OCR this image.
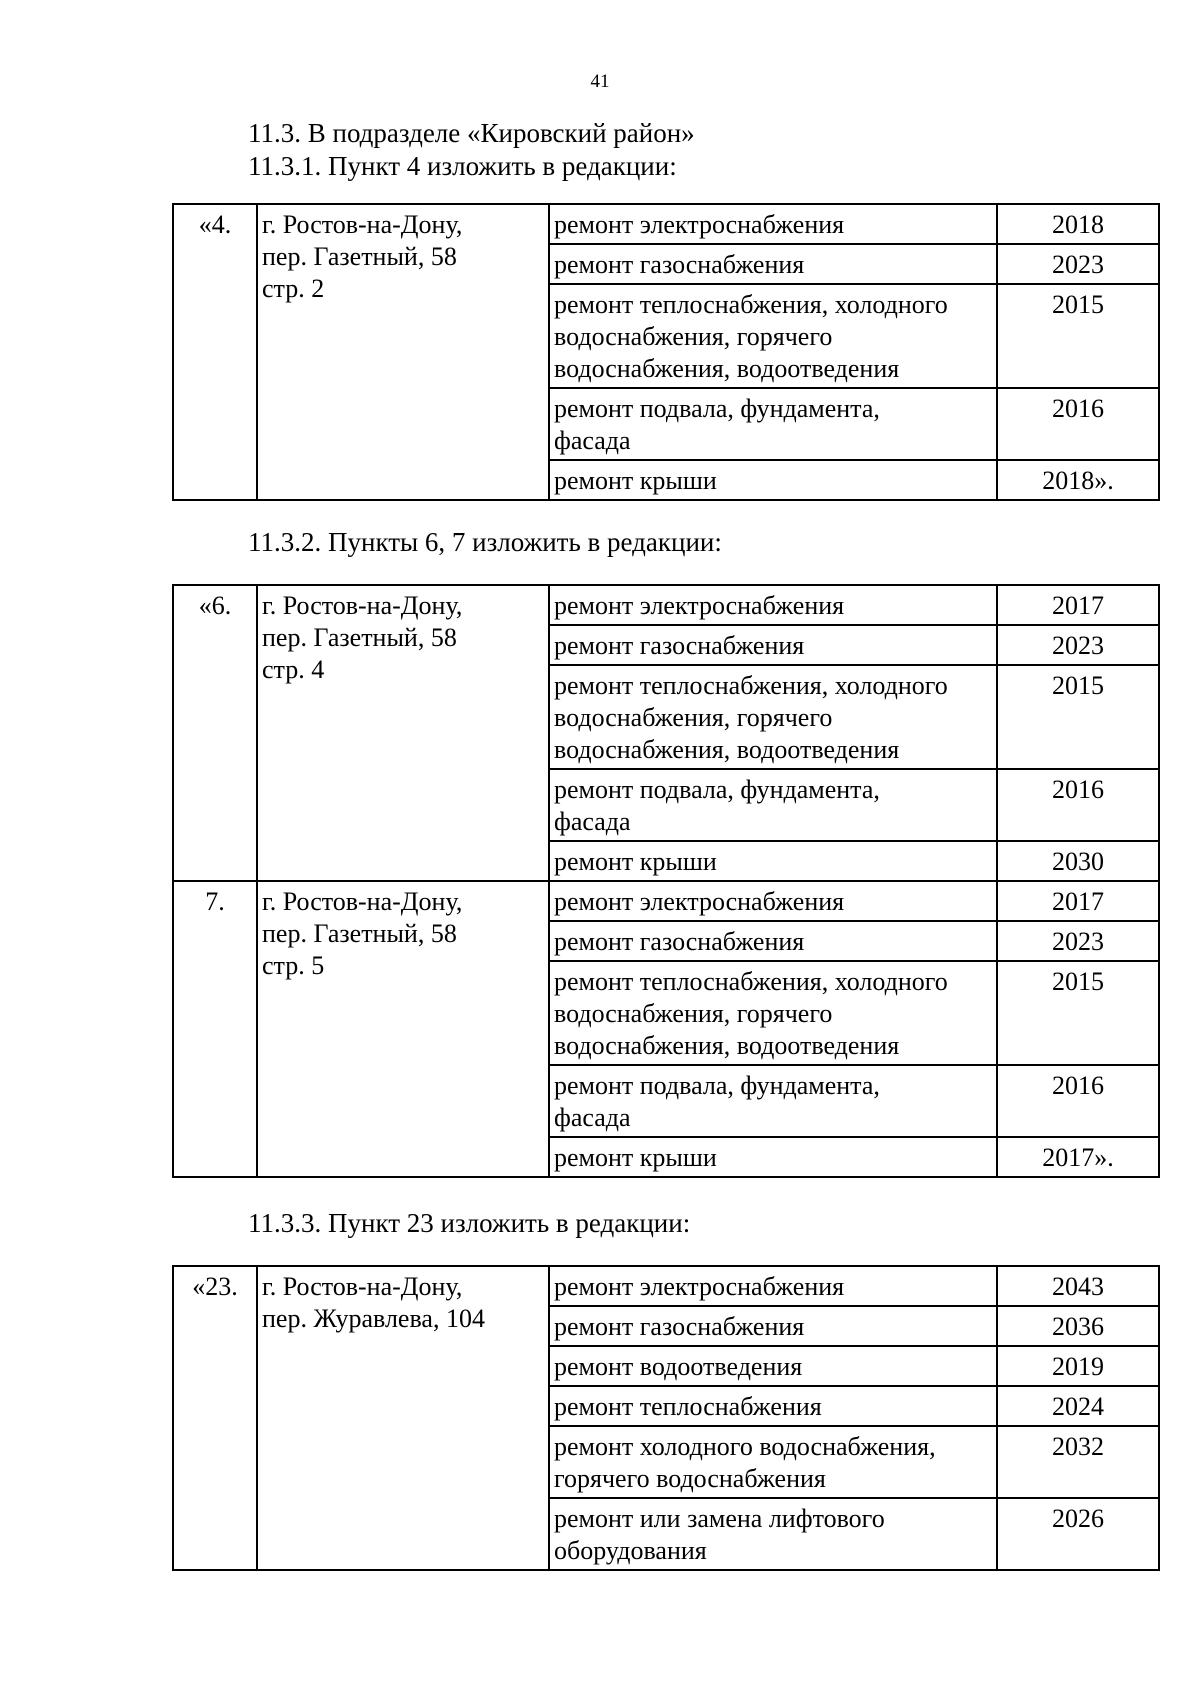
41
11.3. В подразделе «Кировский район»
11.3.1. Пункт 4 изложить в редакции:
«4.	г. Ростов-на-Дону,
пер. Газетный, 58
стр. 2	ремонт электроснабжения	2018
		ремонт газоснабжения	2023
		ремонт теплоснабжения, холодного
водоснабжения, горячего
водоснабжения, водоотведения	2015
		ремонт подвала, фундамента,
фасада	2016
		ремонт крыши	2018».
11.3.2. Пункты 6, 7 изложить в редакции:
«6.	г. Ростов-на-Дону,
пер. Газетный, 58
стр. 4	ремонт электроснабжения	2017
		ремонт газоснабжения	2023
		ремонт теплоснабжения, холодного
водоснабжения, горячего
водоснабжения, водоотведения	2015
		ремонт подвала, фундамента,
фасада	2016
		ремонт крыши	2030
7.	г. Ростов-на-Дону,
пер. Газетный, 58
стр. 5	ремонт электроснабжения	2017
		ремонт газоснабжения	2023
		ремонт теплоснабжения, холодного
водоснабжения, горячего
водоснабжения, водоотведения	2015
		ремонт подвала, фундамента,
фасада	2016
		ремонт крыши	2017».
11.3.3. Пункт 23 изложить в редакции:
«23.	г. Ростов-на-Дону,
пер. Журавлева, 104	ремонт электроснабжения	2043
		ремонт газоснабжения	2036
		ремонт водоотведения	2019
		ремонт теплоснабжения	2024
		ремонт холодного водоснабжения,
горячего водоснабжения	2032
		ремонт или замена лифтового
оборудования	2026
